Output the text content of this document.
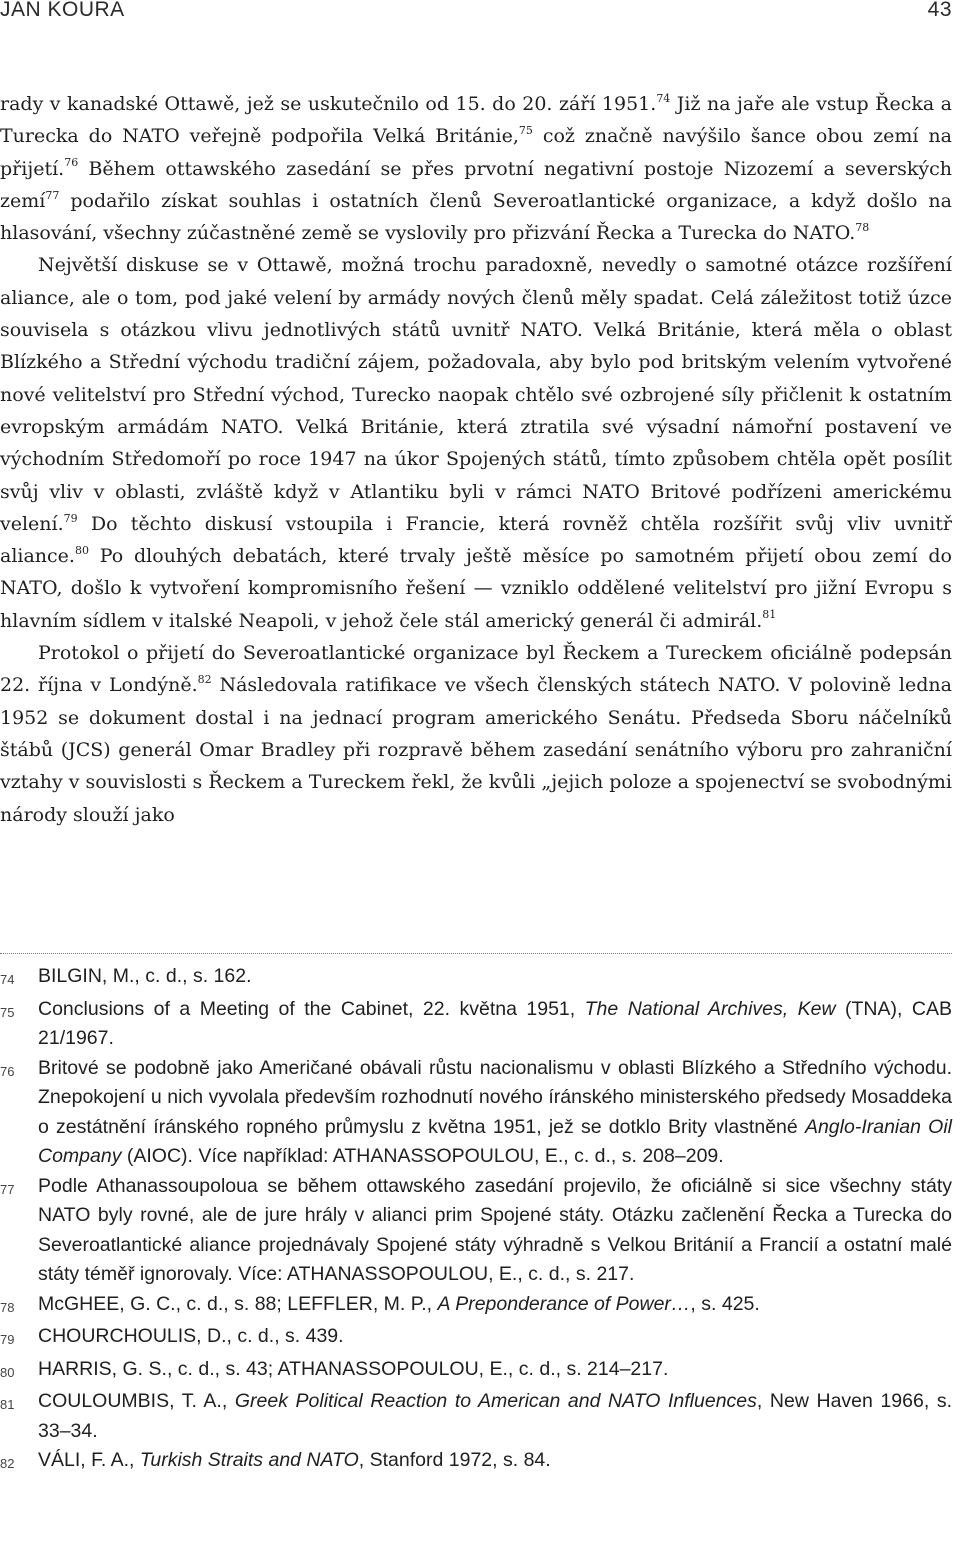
JAN KOURA	43

rady v kanadské Ottawě, jež se uskutečnilo od 15. do 20. září 1951.74 Již na jaře ale vstup Řecka a Turecka do NATO veřejně podpořila Velká Británie,$^{75}$ což značně navýšilo šance obou zemí na přijetí.$^{76}$ Během ottawského zasedání se přes prvotní negativní postoje Nizozemí a severských zemí$^{77}$ podařilo získat souhlas i ostatních členů Severoatlantické organizace, a když došlo na hlasování, všechny zúčastněné země se vyslovily pro přizvání Řecka a Turecka do NATO.$^{78}$

Největší diskuse se v Ottawě, možná trochu paradoxně, nevedly o samotné otázce rozšíření aliance, ale o tom, pod jaké velení by armády nových členů měly spadat. Celá záležitost totiž úzce souvisela s otázkou vlivu jednotlivých států uvnitř NATO. Velká Británie, která měla o oblast Blízkého a Střední východu tradiční zájem, požadovala, aby bylo pod britským velením vytvořené nové velitelství pro Střední východ, Turecko naopak chtělo své ozbrojené síly přičlenit k ostatním evropským armádám NATO. Velká Británie, která ztratila své výsadní námořní postavení ve východním Středomoří po roce 1947 na úkor Spojených států, tímto způsobem chtěla opět posílit svůj vliv v oblasti, zvláště když v Atlantiku byli v rámci NATO Britové podřízeni americkému velení.$^{79}$ Do těchto diskusí vstoupila i Francie, která rovněž chtěla rozšířit svůj vliv uvnitř aliance.$^{80}$ Po dlouhých debatách, které trvaly ještě měsíce po samotném přijetí obou zemí do NATO, došlo k vytvoření kompromisního řešení — vzniklo oddělené velitelství pro jižní Evropu s hlavním sídlem v italské Neapoli, v jehož čele stál americký generál či admirál.$^{81}$

Protokol o přijetí do Severoatlantické organizace byl Řeckem a Tureckem oficiálně podepsán 22. října v Londýně.$^{82}$ Následovala ratifikace ve všech členských státech NATO. V polovině ledna 1952 se dokument dostal i na jednací program amerického Senátu. Předseda Sboru náčelníků štábů (JCS) generál Omar Bradley při rozpravě během zasedání senátního výboru pro zahraniční vztahy v souvislosti s Řeckem a Tureckem řekl, že kvůli „jejich poloze a spojenectví se svobodnými národy slouží jako

74	BILGIN, M., c. d., s. 162.
75	Conclusions of a Meeting of the Cabinet, 22. května 1951, The National Archives, Kew (TNA), CAB 21/1967.
76	Britové se podobně jako Američané obávali růstu nacionalismu v oblasti Blízkého a Středního východu. Znepokojení u nich vyvolala především rozhodnutí nového íránského ministerského předsedy Mosaddeka o zestátnění íránského ropného průmyslu z května 1951, jež se dotklo Brity vlastněné Anglo-Iranian Oil Company (AIOC). Více například: ATHANASSOPOULOU, E., c. d., s. 208–209.
77	Podle Athanassoupoloua se během ottawského zasedání projevilo, že oficiálně si sice všechny státy NATO byly rovné, ale de jure hrály v alianci prim Spojené státy. Otázku začlenění Řecka a Turecka do Severoatlantické aliance projednávaly Spojené státy výhradně s Velkou Británií a Francií a ostatní malé státy téměř ignorovaly. Více: ATHANASSOPOULOU, E., c. d., s. 217.
78	McGHEE, G. C., c. d., s. 88; LEFFLER, M. P., A Preponderance of Power…, s. 425.
79	CHOURCHOULIS, D., c. d., s. 439.
80	HARRIS, G. S., c. d., s. 43; ATHANASSOPOULOU, E., c. d., s. 214–217.
81	COULOUMBIS, T. A., Greek Political Reaction to American and NATO Influences, New Haven 1966, s. 33–34.
82	VÁLI, F. A., Turkish Straits and NATO, Stanford 1972, s. 84.
